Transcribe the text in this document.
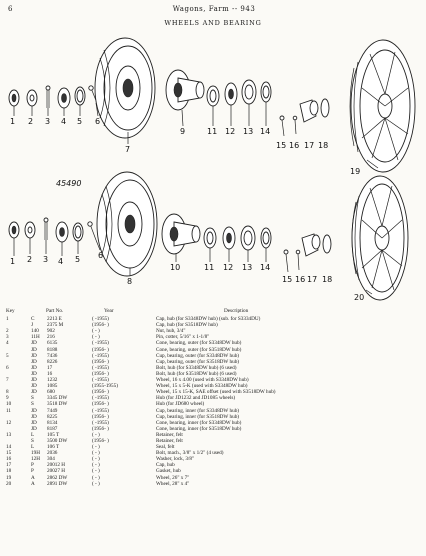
6	Wagons, Farm -- 943
WHEELS AND BEARING
45490
1 2 3 4 5 6
7
9	11 12 13 14
15 16 17 18
19
1 2 3 4 5 6
8
10	11 12 13 14
15 16 17 18
20
Key	Part No.	Year	Description
1	C	2213 E	( -1955)	Cap, hub (for S3348DW hub) (sub. for S3334DU)
J	2375 M	(1956- )	Cap, hub (for S3518DW hub)
2	140	902	( - )	Nut, hub, 3/4"
3	11H	216	( - )	Pin, cotter, 5/16" x 1-1/8"
4	JD	6135	( -1955)	Cone, bearing, outer (for S3348DW hub)
JD	8188	(1956- )	Cone, bearing, outer (for S3518DW hub)
5	JD	7436	( -1955)	Cup, bearing, outer (for S3348DW hub)
JD	8226	(1956- )	Cup, bearing, outer (for S3518DW hub)
6	JD	17	( -1955)	Bolt, hub (for S3348DW hub) (6 used)
JD	16	(1956- )	Bolt, hub (for S3518DW hub) (6 used)
7	JD	1232	( -1955)	Wheel, 16 x 4.00 (used with S3348DW hub)
JD	1085	(1955-1955)	Wheel, 15 x 5-K (used with S3348DW hub)
8	JD	680	(1956- )	Wheel, 15 x 15-K, SAE offset (used with S3518DW hub)
9	S	3345 DW	( -1955)	Hub (for JD1232 and JD1085 wheels)
10	S	3518 DW	(1956- )	Hub (for JD680 wheel)
11	JD	7449	( -1955)	Cup, bearing, inner (for S3348DW hub)
JD	8225	(1956- )	Cup, bearing, inner (for S3518DW hub)
12	JD	8134	( -1955)	Cone, bearing, inner (for S3348DW hub)
JD	8187	(1956- )	Cone, bearing, inner (for S3518DW hub)
13	L	105 T	( - )	Retainer, felt
S	3500 DW	(1956- )	Retainer, felt
14	L	106 T	( - )	Seal, felt
15	19H	2036	( - )	Bolt, mach., 3/8" x 1/2" (4 used)
16	12H	304	( - )	Washer, lock, 3/8"
17	P	20012 H	( - )	Cap, hub
18	P	20027 H	( - )	Gasket, hub
19	A	2862 DW	( - )	Wheel, 26" x 7"
20	A	2891 DW	( - )	Wheel, 28" x 4"
